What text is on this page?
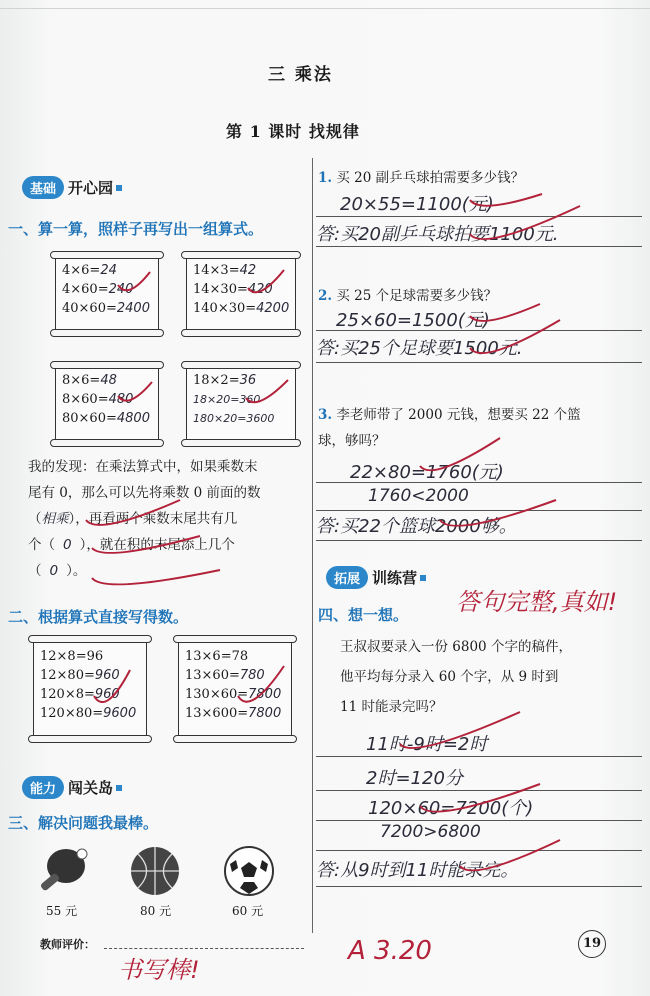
三 乘法
第 1 课时 找规律
基础 开心园
一、算一算，照样子再写出一组算式。
4×6=24
4×60=240
40×60=2400
14×3=42
14×30=420
140×30=4200
8×6=48
8×60=480
80×60=4800
18×2=36
18×20=360
180×20=3600
我的发现：在乘法算式中，如果乘数末
尾有 0，那么可以先将乘数 0 前面的数
（相乘），再看两个乘数末尾共有几
个（ 0 ），就在积的末尾添上几个
（ 0 ）。
二、根据算式直接写得数。
12×8=96
12×80=960
120×8=960
120×80=9600
13×6=78
13×60=780
130×60=7800
13×600=7800
能力 闯关岛
三、解决问题我最棒。
55 元	80 元	60 元
教师评价：
书写棒!
A 3.20	19
1. 买 20 副乒乓球拍需要多少钱？
20×55=1100(元)
答:买20副乒乓球拍要1100元.
2. 买 25 个足球需要多少钱？
25×60=1500(元)
答:买25个足球要1500元.
3. 李老师带了 2000 元钱，想要买 22 个篮
球，够吗？
22×80=1760(元)
1760<2000
答:买22个篮球2000够。
拓展 训练营
答句完整,真如!
四、想一想。
王叔叔要录入一份 6800 个字的稿件，
他平均每分录入 60 个字，从 9 时到
11 时能录完吗？
11时-9时=2时
2时=120分
120×60=7200(个)
7200>6800
答:从9时到11时能录完。
